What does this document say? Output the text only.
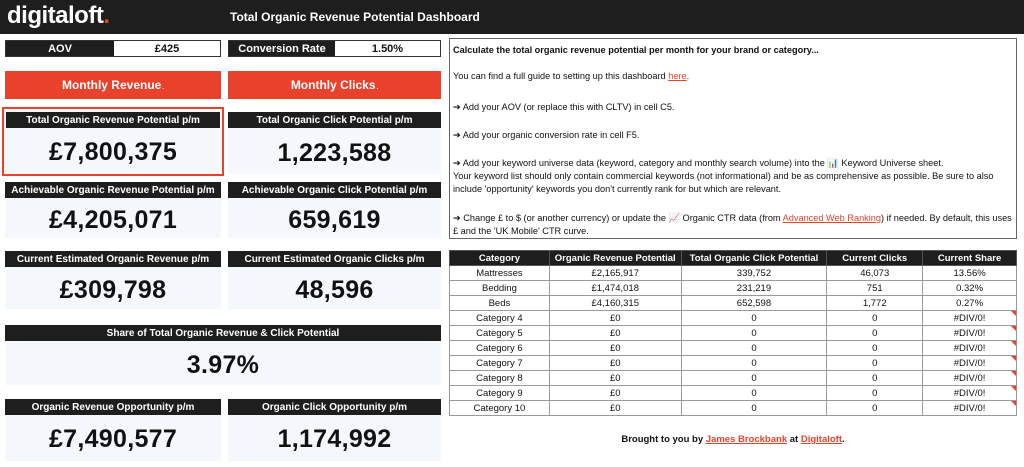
digitaloft.	Total Organic Revenue Potential Dashboard
AOV	£425	Conversion Rate	1.50%
Monthly Revenue .	Monthly Clicks .
Total Organic Revenue Potential p/m
£7,800,375
Total Organic Click Potential p/m
1,223,588
Achievable Organic Revenue Potential p/m
£4,205,071
Achievable Organic Click Potential p/m
659,619
Current Estimated Organic Revenue p/m
£309,798
Current Estimated Organic Clicks p/m
48,596
Share of Total Organic Revenue & Click Potential
3.97%
Organic Revenue Opportunity p/m
£7,490,577
Organic Click Opportunity p/m
1,174,992
Calculate the total organic revenue potential per month for your brand or category...
You can find a full guide to setting up this dashboard here.
➔ Add your AOV (or replace this with CLTV) in cell C5.
➔ Add your organic conversion rate in cell F5.
➔ Add your keyword universe data (keyword, category and monthly search volume) into the 📊 Keyword Universe sheet.
Your keyword list should only contain commercial keywords (not informational) and be as comprehensive as possible. Be sure to also include 'opportunity' keywords you don't currently rank for but which are relevant.
➔ Change £ to $ (or another currency) or update the 📈 Organic CTR data (from Advanced Web Ranking) if needed. By default, this uses £ and the 'UK Mobile' CTR curve.
Category	Organic Revenue Potential	Total Organic Click Potential	Current Clicks	Current Share
Mattresses	£2,165,917	339,752	46,073	13.56%
Bedding	£1,474,018	231,219	751	0.32%
Beds	£4,160,315	652,598	1,772	0.27%
Category 4	£0	0	0	#DIV/0!
Category 5	£0	0	0	#DIV/0!
Category 6	£0	0	0	#DIV/0!
Category 7	£0	0	0	#DIV/0!
Category 8	£0	0	0	#DIV/0!
Category 9	£0	0	0	#DIV/0!
Category 10	£0	0	0	#DIV/0!
Brought to you by James Brockbank at Digitaloft.
